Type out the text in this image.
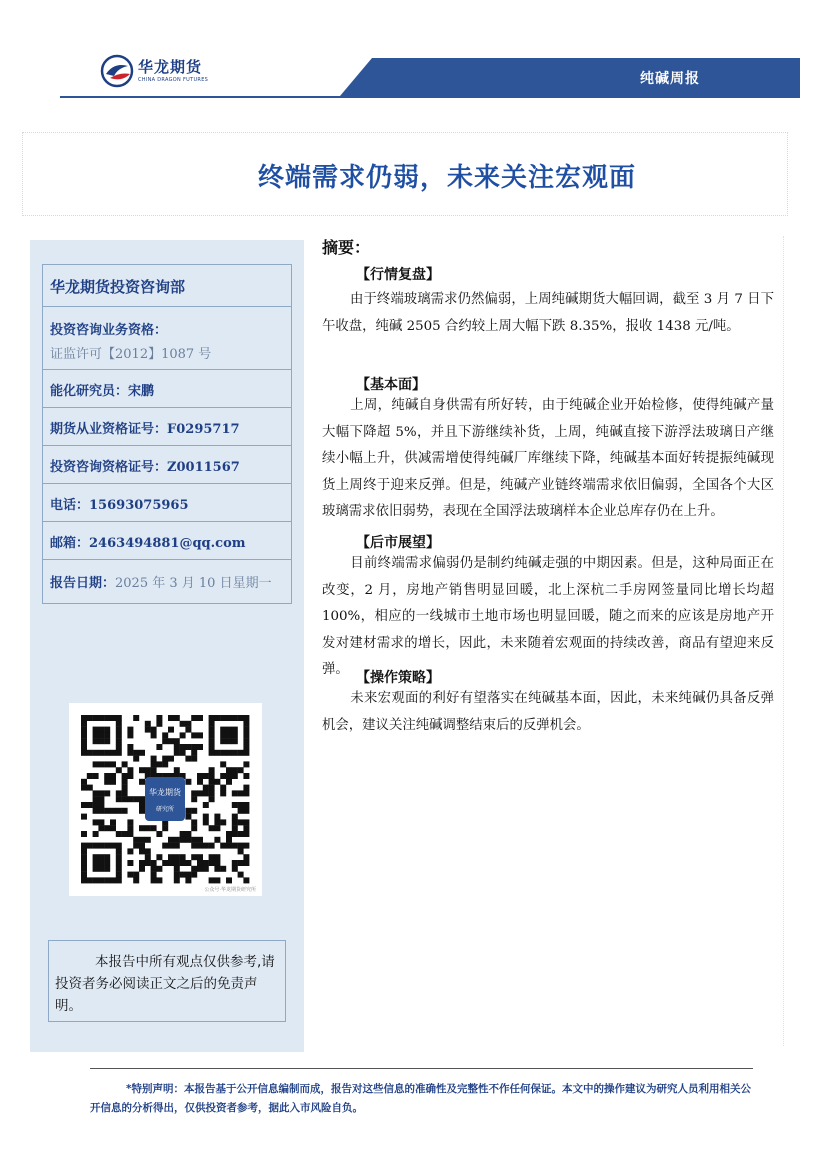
华龙期货
CHINA DRAGON FUTURES	纯碱周报
终端需求仍弱，未来关注宏观面
华龙期货投资咨询部
投资咨询业务资格：
证监许可【2012】1087 号
能化研究员：宋鹏
期货从业资格证号：F0295717
投资咨询资格证号：Z0011567
电话：15693075965
邮箱：2463494881@qq.com
报告日期：2025 年 3 月 10 日星期一
华龙期货
研究所
公众号·华龙期货研究所
本报告中所有观点仅供参考,请投资者务必阅读正文之后的免责声明。
摘要：
【行情复盘】
由于终端玻璃需求仍然偏弱，上周纯碱期货大幅回调，截至 3 月 7 日下午收盘，纯碱 2505 合约较上周大幅下跌 8.35%，报收 1438 元/吨。
【基本面】
上周，纯碱自身供需有所好转，由于纯碱企业开始检修，使得纯碱产量大幅下降超 5%，并且下游继续补货，上周，纯碱直接下游浮法玻璃日产继续小幅上升，供减需增使得纯碱厂库继续下降，纯碱基本面好转提振纯碱现货上周终于迎来反弹。但是，纯碱产业链终端需求依旧偏弱，全国各个大区玻璃需求依旧弱势，表现在全国浮法玻璃样本企业总库存仍在上升。
【后市展望】
目前终端需求偏弱仍是制约纯碱走强的中期因素。但是，这种局面正在改变，2 月，房地产销售明显回暖，北上深杭二手房网签量同比增长均超 100%，相应的一线城市土地市场也明显回暖，随之而来的应该是房地产开发对建材需求的增长，因此，未来随着宏观面的持续改善，商品有望迎来反弹。
【操作策略】
未来宏观面的利好有望落实在纯碱基本面，因此，未来纯碱仍具备反弹机会，建议关注纯碱调整结束后的反弹机会。
*特别声明：本报告基于公开信息编制而成，报告对这些信息的准确性及完整性不作任何保证。本文中的操作建议为研究人员利用相关公开信息的分析得出，仅供投资者参考，据此入市风险自负。
